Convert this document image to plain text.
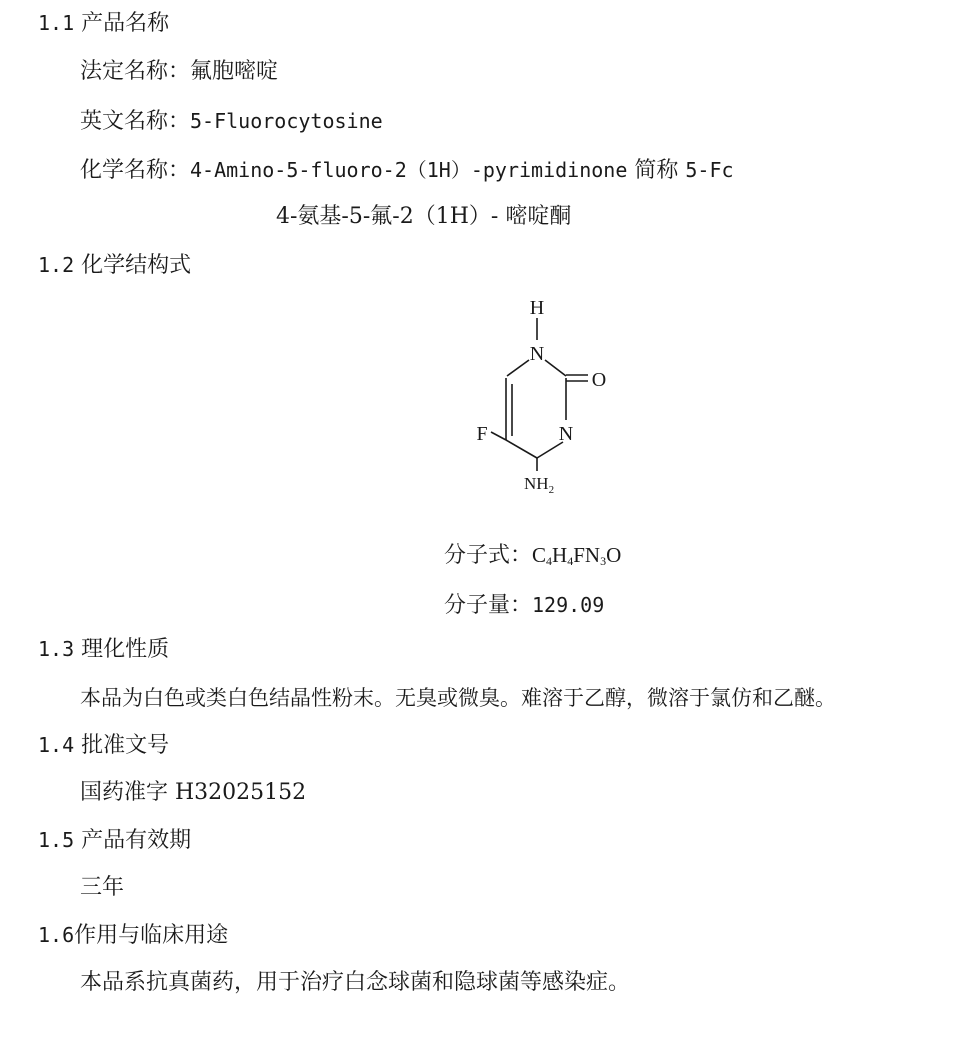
1.1 产品名称
法定名称：氟胞嘧啶
英文名称：5-Fluorocytosine
化学名称：4-Amino-5-fluoro-2（1H）-pyrimidinone 简称 5-Fc
4-氨基-5-氟-2（1H）- 嘧啶酮
1.2 化学结构式
H
N
O
N
F
$NH_2$
分子式：$C_4H_4FN_3O$
分子量：129.09
1.3 理化性质
本品为白色或类白色结晶性粉末。无臭或微臭。难溶于乙醇，微溶于氯仿和乙醚。
1.4 批准文号
国药准字 H32025152
1.5 产品有效期
三年
1.6作用与临床用途
本品系抗真菌药，用于治疗白念球菌和隐球菌等感染症。
